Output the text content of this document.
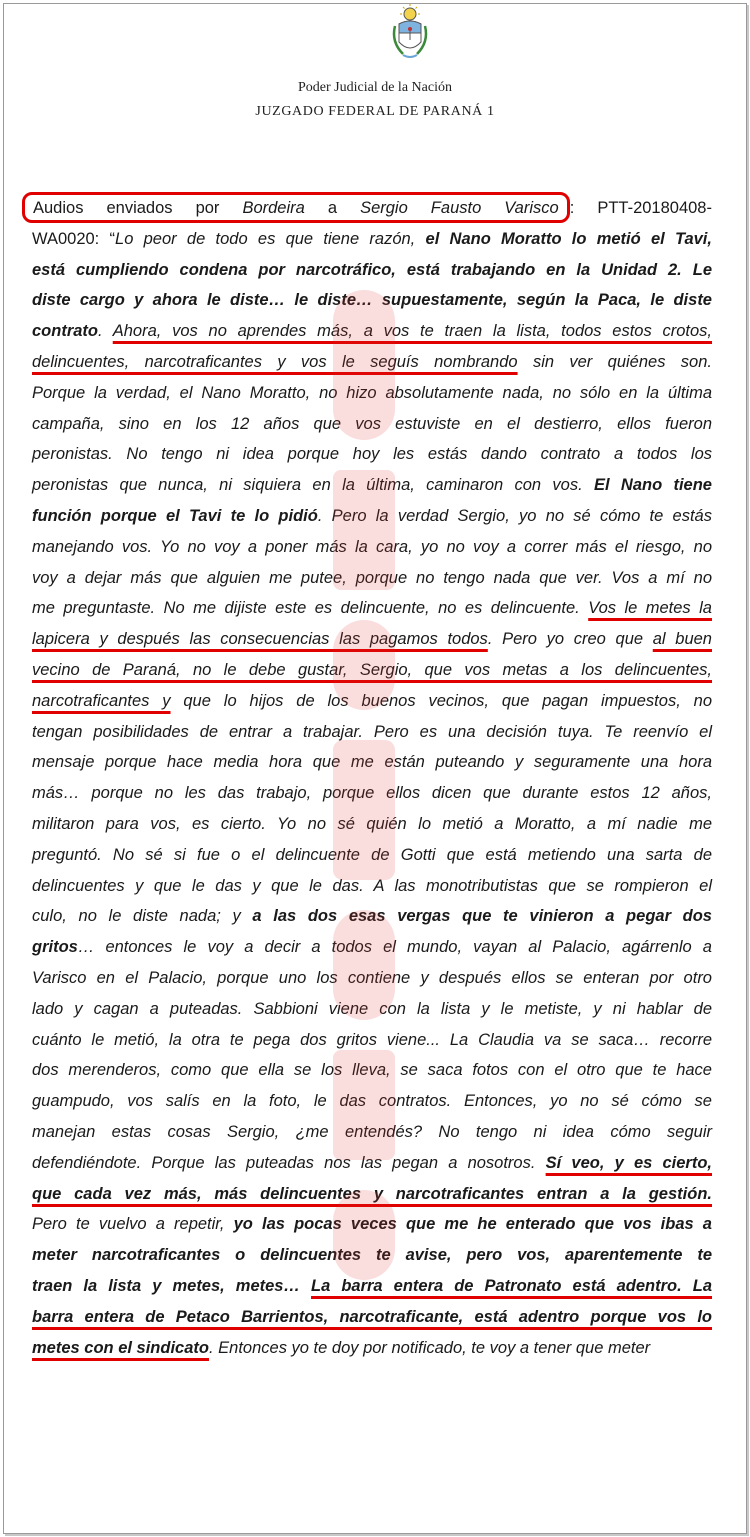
Poder Judicial de la Nación
JUZGADO FEDERAL DE PARANÁ 1
Audios enviados por Bordeira a Sergio Fausto Varisco : PTT-20180408-
WA0020: “Lo peor de todo es que tiene razón, el Nano Moratto lo metió el Tavi,
está cumpliendo condena por narcotráfico, está trabajando en la Unidad 2. Le
diste cargo y ahora le diste… le diste… supuestamente, según la Paca, le diste
contrato. Ahora, vos no aprendes más, a vos te traen la lista, todos estos crotos,
delincuentes, narcotraficantes y vos le seguís nombrando sin ver quiénes son.
Porque la verdad, el Nano Moratto, no hizo absolutamente nada, no sólo en la última
campaña, sino en los 12 años que vos estuviste en el destierro, ellos fueron
peronistas. No tengo ni idea porque hoy les estás dando contrato a todos los
peronistas que nunca, ni siquiera en la última, caminaron con vos. El Nano tiene
función porque el Tavi te lo pidió. Pero la verdad Sergio, yo no sé cómo te estás
manejando vos. Yo no voy a poner más la cara, yo no voy a correr más el riesgo, no
voy a dejar más que alguien me putee, porque no tengo nada que ver. Vos a mí no
me preguntaste. No me dijiste este es delincuente, no es delincuente. Vos le metes la
lapicera y después las consecuencias las pagamos todos. Pero yo creo que al buen
vecino de Paraná, no le debe gustar, Sergio, que vos metas a los delincuentes,
narcotraficantes y que lo hijos de los buenos vecinos, que pagan impuestos, no
tengan posibilidades de entrar a trabajar. Pero es una decisión tuya. Te reenvío el
mensaje porque hace media hora que me están puteando y seguramente una hora
más… porque no les das trabajo, porque ellos dicen que durante estos 12 años,
militaron para vos, es cierto. Yo no sé quién lo metió a Moratto, a mí nadie me
preguntó. No sé si fue o el delincuente de Gotti que está metiendo una sarta de
delincuentes y que le das y que le das. A las monotributistas que se rompieron el
culo, no le diste nada; y a las dos esas vergas que te vinieron a pegar dos
gritos… entonces le voy a decir a todos el mundo, vayan al Palacio, agárrenlo a
Varisco en el Palacio, porque uno los contiene y después ellos se enteran por otro
lado y cagan a puteadas. Sabbioni viene con la lista y le metiste, y ni hablar de
cuánto le metió, la otra te pega dos gritos viene... La Claudia va se saca… recorre
dos merenderos, como que ella se los lleva, se saca fotos con el otro que te hace
guampudo, vos salís en la foto, le das contratos. Entonces, yo no sé cómo se
manejan estas cosas Sergio, ¿me entendés? No tengo ni idea cómo seguir
defendiéndote. Porque las puteadas nos las pegan a nosotros. Sí veo, y es cierto,
que cada vez más, más delincuentes y narcotraficantes entran a la gestión.
Pero te vuelvo a repetir, yo las pocas veces que me he enterado que vos ibas a
meter narcotraficantes o delincuentes te avise, pero vos, aparentemente te
traen la lista y metes, metes… La barra entera de Patronato está adentro. La
barra entera de Petaco Barrientos, narcotraficante, está adentro porque vos lo
metes con el sindicato. Entonces yo te doy por notificado, te voy a tener que meter
